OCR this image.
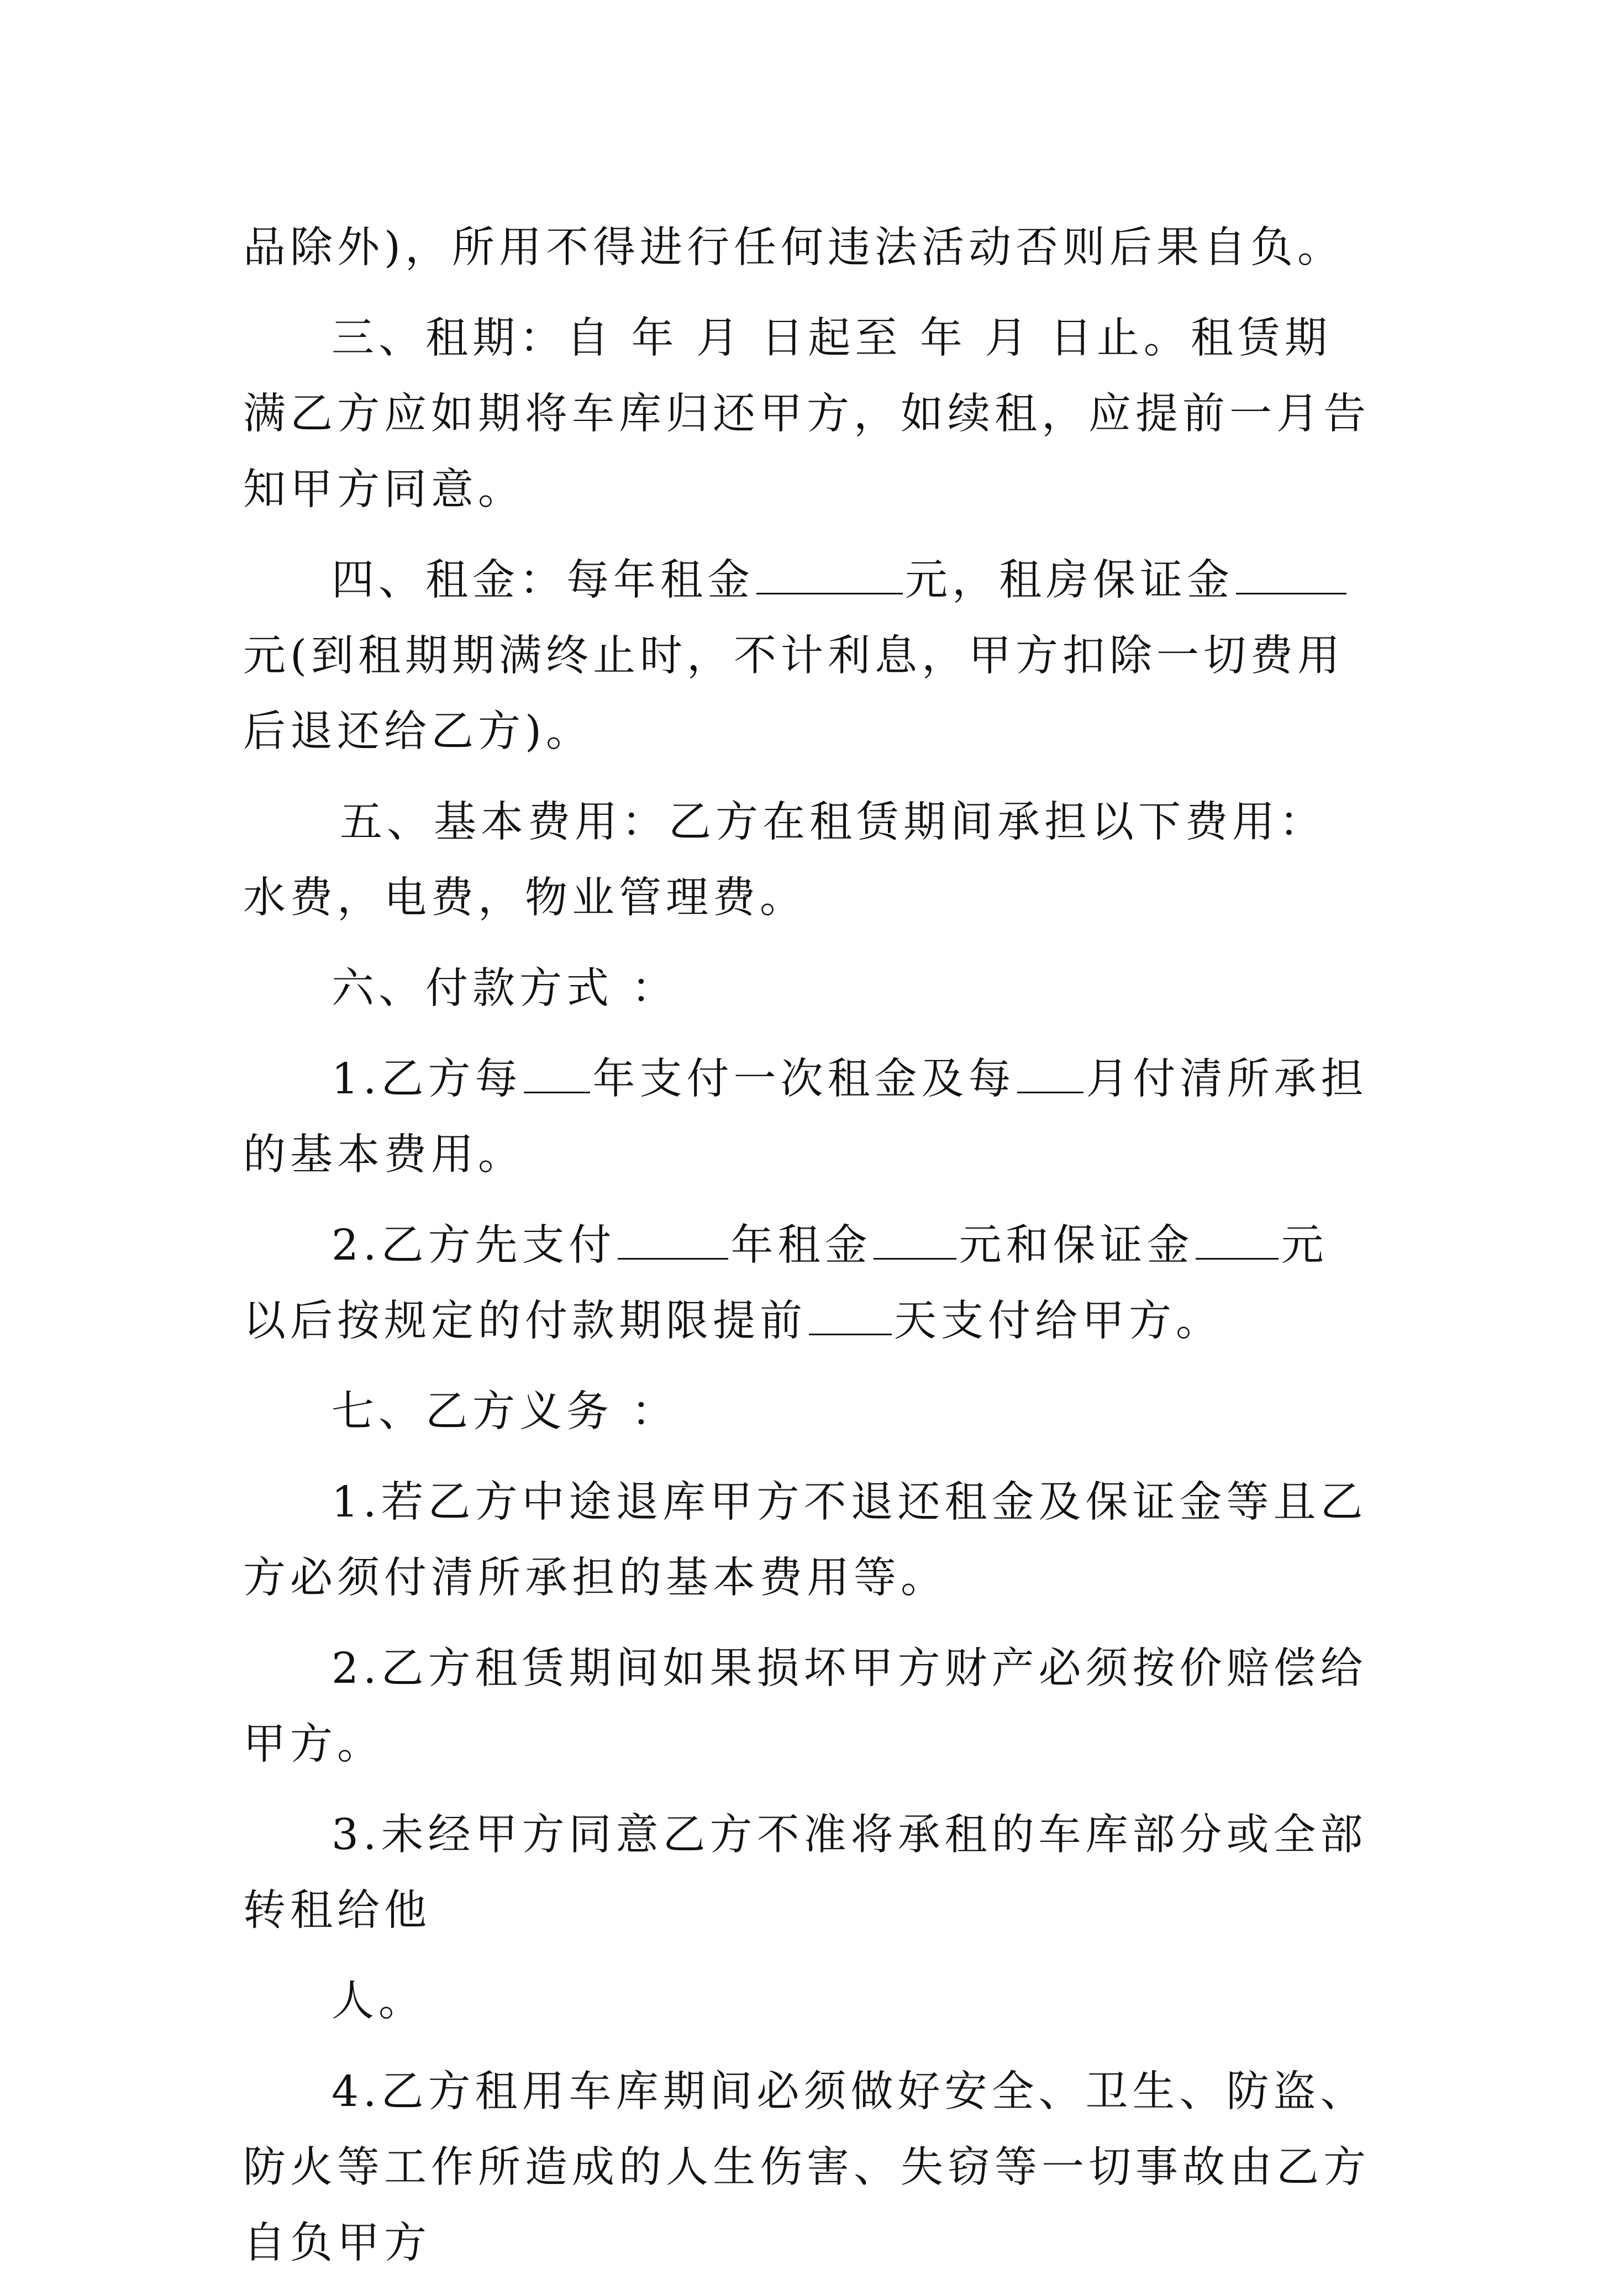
品除外)，所用不得进行任何违法活动否则后果自负。

三、租期：自 年 月 日起至 年 月 日止。租赁期满乙方应如期将车库归还甲方，如续租，应提前一月告知甲方同意。

四、租金：每年租金	元，租房保证金元(到租期期满终止时，不计利息，甲方扣除一切费用后退还给乙方)。

五、基本费用：乙方在租赁期间承担以下费用：水费，电费，物业管理费。

六、付款方式 ：

1.乙方每 年支付一次租金及每 月付清所承担的基本费用。

2.乙方先支付	年租金 元和保证金 元以后按规定的付款期限提前 天支付给甲方。

七、乙方义务 ：

1.若乙方中途退库甲方不退还租金及保证金等且乙方必须付清所承担的基本费用等。

2.乙方租赁期间如果损坏甲方财产必须按价赔偿给甲方。

3.未经甲方同意乙方不准将承租的车库部分或全部转租给他

人。

4.乙方租用车库期间必须做好安全、卫生、防盗、防火等工作所造成的人生伤害、失窃等一切事故由乙方自负甲方
